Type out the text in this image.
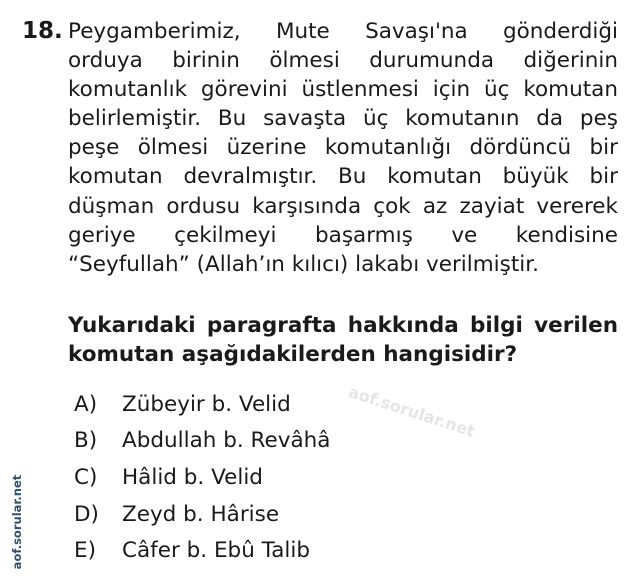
18. Peygamberimiz, Mute Savaşı'na gönderdiği
orduya birinin ölmesi durumunda diğerinin
komutanlık görevini üstlenmesi için üç komutan
belirlemiştir. Bu savaşta üç komutanın da peş
peşe ölmesi üzerine komutanlığı dördüncü bir
komutan devralmıştır. Bu komutan büyük bir
düşman ordusu karşısında çok az zayiat vererek
geriye çekilmeyi başarmış ve kendisine
“Seyfullah” (Allah’ın kılıcı) lakabı verilmiştir.
Yukarıdaki paragrafta hakkında bilgi verilen
komutan aşağıdakilerden hangisidir?
A)	Zübeyir b. Velid
B)	Abdullah b. Revâhâ
C)	Hâlid b. Velid
D)	Zeyd b. Hârise
E)	Câfer b. Ebû Talib
aof.sorular.net
aof.sorular.net
